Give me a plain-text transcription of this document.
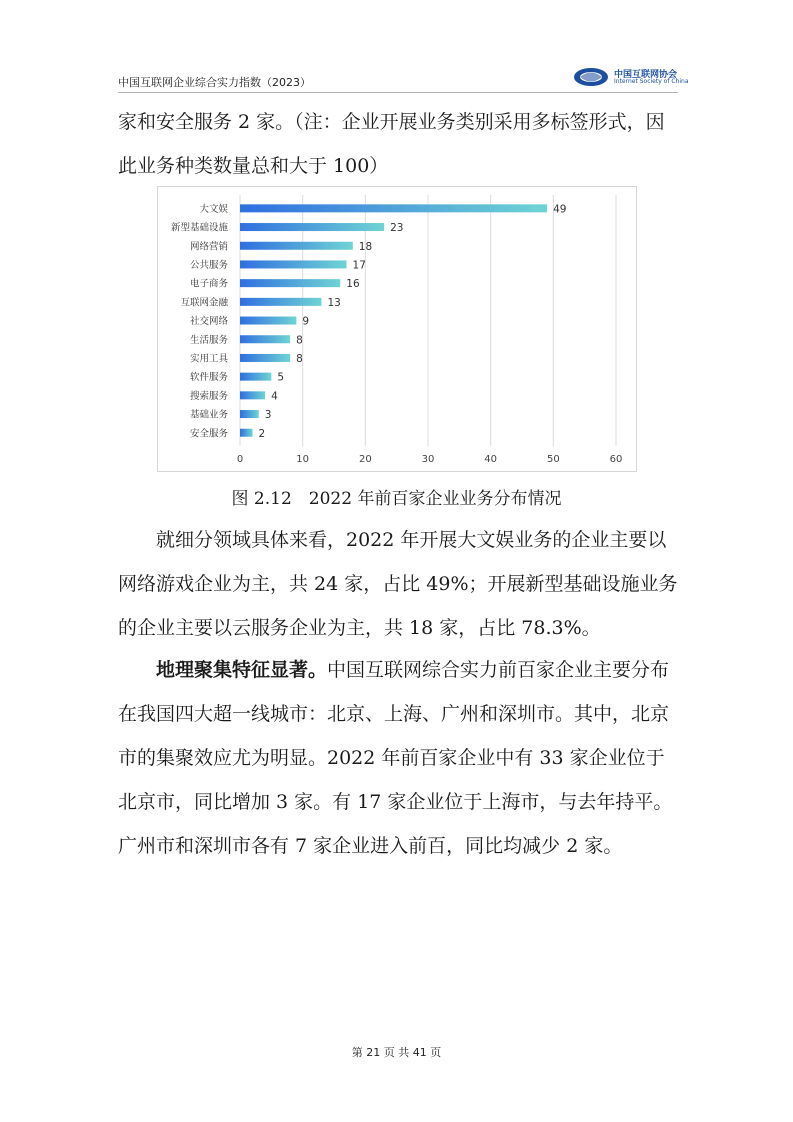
中国互联网企业综合实力指数（2023）
中国互联网协会
Internet Society of China

家和安全服务 2 家。（注：企业开展业务类别采用多标签形式，因此业务种类数量总和大于 100）

0	10	20	30	40	50	60
大文娱	49
新型基础设施	23
网络营销	18
公共服务	17
电子商务	16
互联网金融	13
社交网络	9
生活服务	8
实用工具	8
软件服务	5
搜索服务	4
基础业务	3
安全服务	2
图 2.12　2022 年前百家企业业务分布情况

就细分领域具体来看，2022 年开展大文娱业务的企业主要以网络游戏企业为主，共 24 家，占比 49%；开展新型基础设施业务的企业主要以云服务企业为主，共 18 家，占比 78.3%。

地理聚集特征显著。中国互联网综合实力前百家企业主要分布在我国四大超一线城市：北京、上海、广州和深圳市。其中，北京市的集聚效应尤为明显。2022 年前百家企业中有 33 家企业位于北京市，同比增加 3 家。有 17 家企业位于上海市，与去年持平。广州市和深圳市各有 7 家企业进入前百，同比均减少 2 家。

第 21 页 共 41 页
